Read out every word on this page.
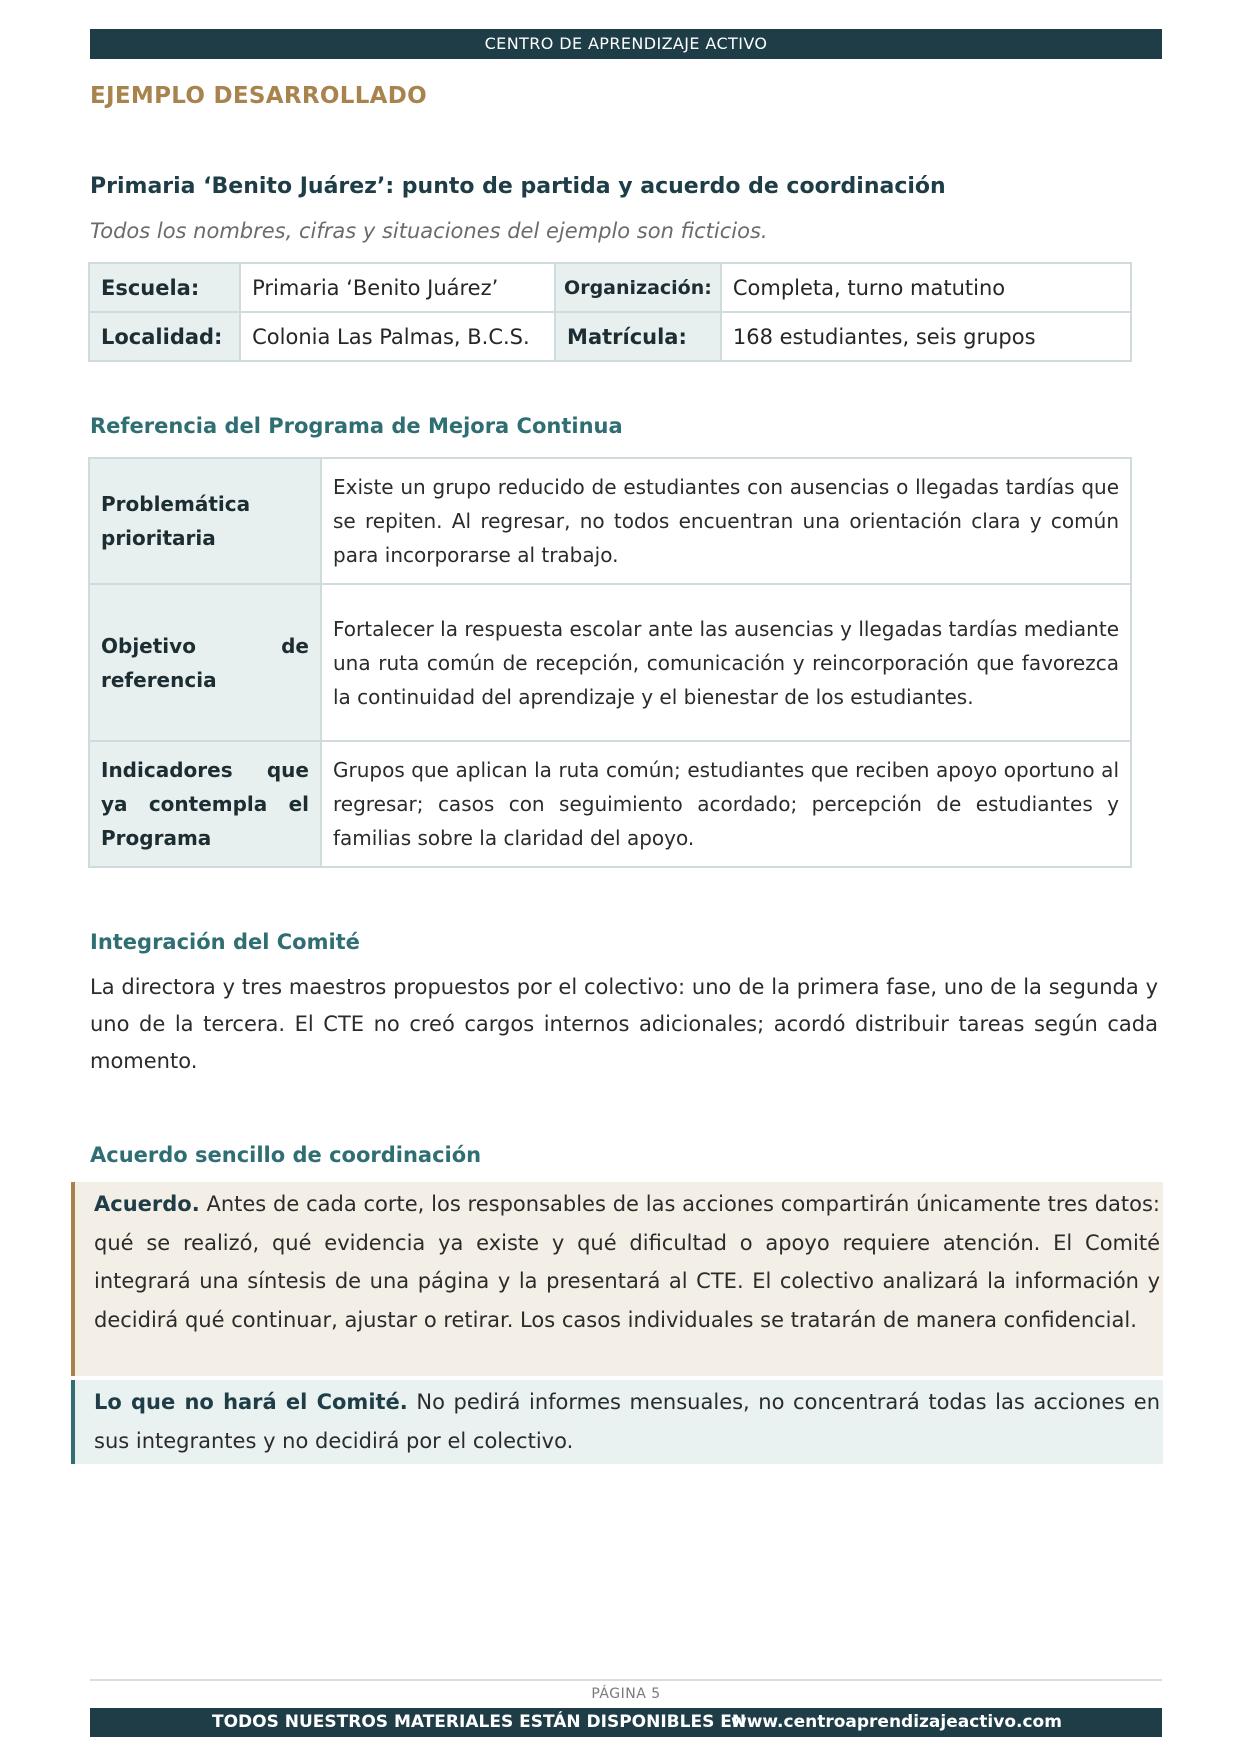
CENTRO DE APRENDIZAJE ACTIVO
EJEMPLO DESARROLLADO
Primaria ‘Benito Juárez’: punto de partida y acuerdo de coordinación
Todos los nombres, cifras y situaciones del ejemplo son ficticios.
Escuela:	Primaria ‘Benito Juárez’	Organización:	Completa, turno matutino
Localidad:	Colonia Las Palmas, B.C.S.	Matrícula:	168 estudiantes, seis grupos
Referencia del Programa de Mejora Continua
Problemática prioritaria	Existe un grupo reducido de estudiantes con ausencias o llegadas tardías que se repiten. Al regresar, no todos encuentran una orientación clara y común para incorporarse al trabajo.
Objetivo de referencia	Fortalecer la respuesta escolar ante las ausencias y llegadas tardías mediante una ruta común de recepción, comunicación y reincorporación que favorezca la continuidad del aprendizaje y el bienestar de los estudiantes.
Indicadores que ya contempla el Programa	Grupos que aplican la ruta común; estudiantes que reciben apoyo oportuno al regresar; casos con seguimiento acordado; percepción de estudiantes y familias sobre la claridad del apoyo.
Integración del Comité
La directora y tres maestros propuestos por el colectivo: uno de la primera fase, uno de la segunda y uno de la tercera. El CTE no creó cargos internos adicionales; acordó distribuir tareas según cada momento.
Acuerdo sencillo de coordinación
Acuerdo. Antes de cada corte, los responsables de las acciones compartirán únicamente tres datos: qué se realizó, qué evidencia ya existe y qué dificultad o apoyo requiere atención. El Comité integrará una síntesis de una página y la presentará al CTE. El colectivo analizará la información y decidirá qué continuar, ajustar o retirar. Los casos individuales se tratarán de manera confidencial.
Lo que no hará el Comité. No pedirá informes mensuales, no concentrará todas las acciones en sus integrantes y no decidirá por el colectivo.
PÁGINA 5
TODOS NUESTROS MATERIALES ESTÁN DISPONIBLES EN
www.centroaprendizajeactivo.com
